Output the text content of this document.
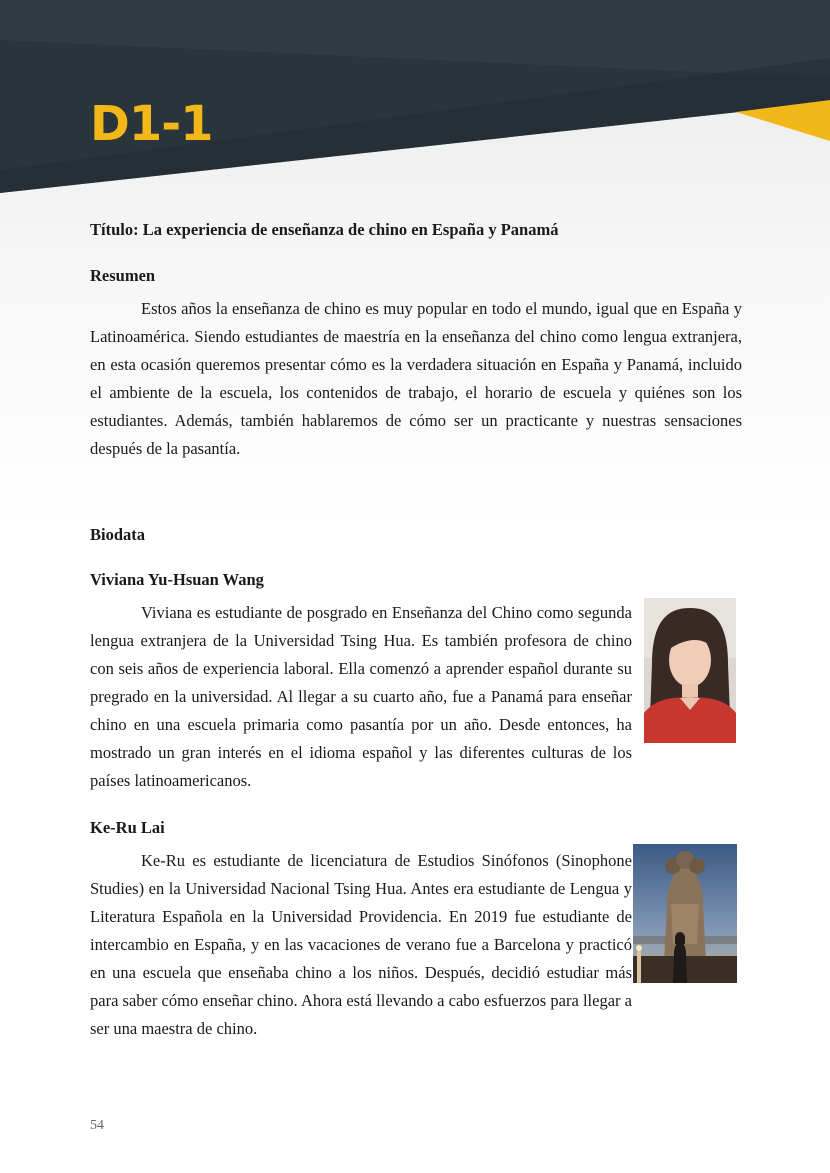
D1-1

Título: La experiencia de enseñanza de chino en España y Panamá

Resumen

Estos años la enseñanza de chino es muy popular en todo el mundo, igual que en España y Latinoamérica. Siendo estudiantes de maestría en la enseñanza del chino como lengua extranjera, en esta ocasión queremos presentar cómo es la verdadera situación en España y Panamá, incluido el ambiente de la escuela, los contenidos de trabajo, el horario de escuela y quiénes son los estudiantes. Además, también hablaremos de cómo ser un practicante y nuestras sensaciones después de la pasantía.

Biodata

Viviana Yu-Hsuan Wang

Viviana es estudiante de posgrado en Enseñanza del Chino como segunda lengua extranjera de la Universidad Tsing Hua. Es también profesora de chino con seis años de experiencia laboral. Ella comenzó a aprender español durante su pregrado en la universidad. Al llegar a su cuarto año, fue a Panamá para enseñar chino en una escuela primaria como pasantía por un año. Desde entonces, ha mostrado un gran interés en el idioma español y las diferentes culturas de los países latinoamericanos.

Ke-Ru Lai

Ke-Ru es estudiante de licenciatura de Estudios Sinófonos (Sinophone Studies) en la Universidad Nacional Tsing Hua. Antes era estudiante de Lengua y Literatura Española en la Universidad Providencia. En 2019 fue estudiante de intercambio en España, y en las vacaciones de verano fue a Barcelona y practicó en una escuela que enseñaba chino a los niños. Después, decidió estudiar más para saber cómo enseñar chino. Ahora está llevando a cabo esfuerzos para llegar a ser una maestra de chino.

54
